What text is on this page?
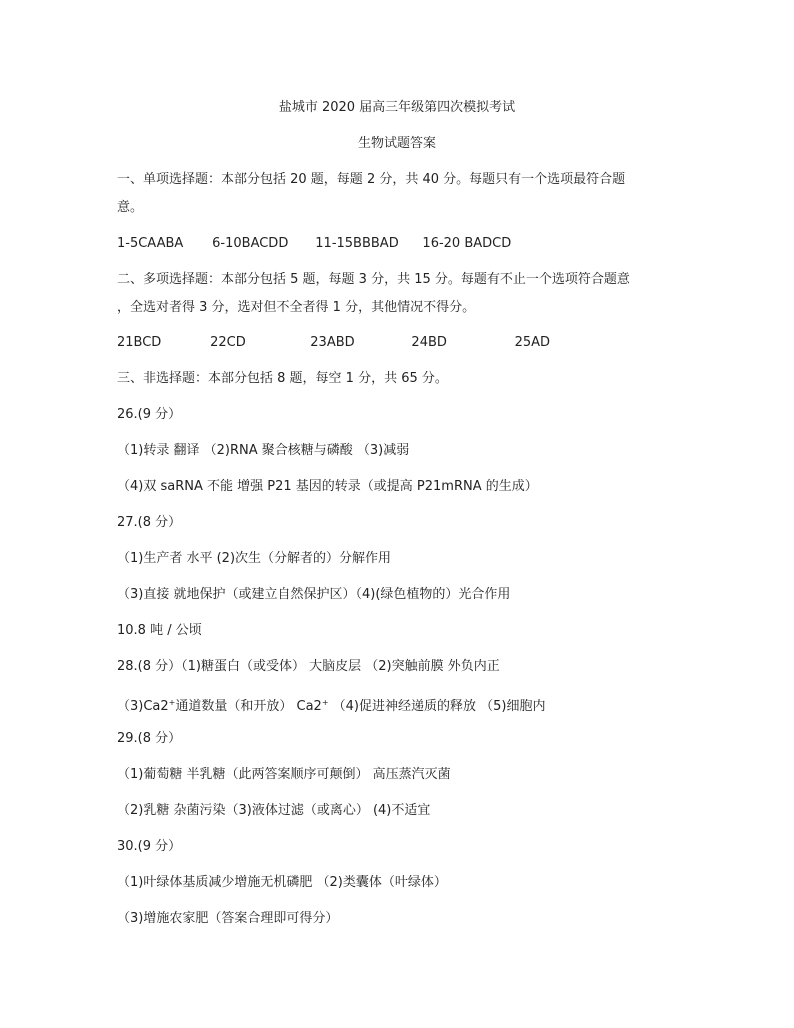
盐城市 2020 届高三年级第四次模拟考试
生物试题答案
一、单项选择题：本部分包括 20 题，每题 2 分，共 40 分。每题只有一个选项最符合题
意。
1-5CAABA 6-10BACDD 11-15BBBAD 16-20 BADCD
二、多项选择题：本部分包括 5 题，每题 3 分，共 15 分。每题有不止一个选项符合题意
，全选对者得 3 分，选对但不全者得 1 分，其他情况不得分。
21BCD	22CD	23ABD	24BD	25AD
三、非选择题：本部分包括 8 题，每空 1 分，共 65 分。
26.(9 分）
（1)转录 翻译 （2)RNA 聚合核糖与磷酸 （3)减弱
（4)双 saRNA 不能 增强 P21 基因的转录（或提高 P21mRNA 的生成）
27.(8 分）
（1)生产者 水平 (2)次生（分解者的）分解作用
（3)直接 就地保护（或建立自然保护区）（4)(绿色植物的）光合作用
10.8 吨 / 公顷
28.(8 分）（1)糖蛋白（或受体） 大脑皮层 （2)突触前膜 外负内正
（3)Ca2+通道数量（和开放） Ca2+ （4)促进神经递质的释放 （5)细胞内
29.(8 分）
（1)葡萄糖 半乳糖（此两答案顺序可颠倒） 高压蒸汽灭菌
（2)乳糖 杂菌污染（3)液体过滤（或离心） (4)不适宜
30.(9 分）
（1)叶绿体基质减少增施无机磷肥 （2)类囊体（叶绿体）
（3)增施农家肥（答案合理即可得分）
